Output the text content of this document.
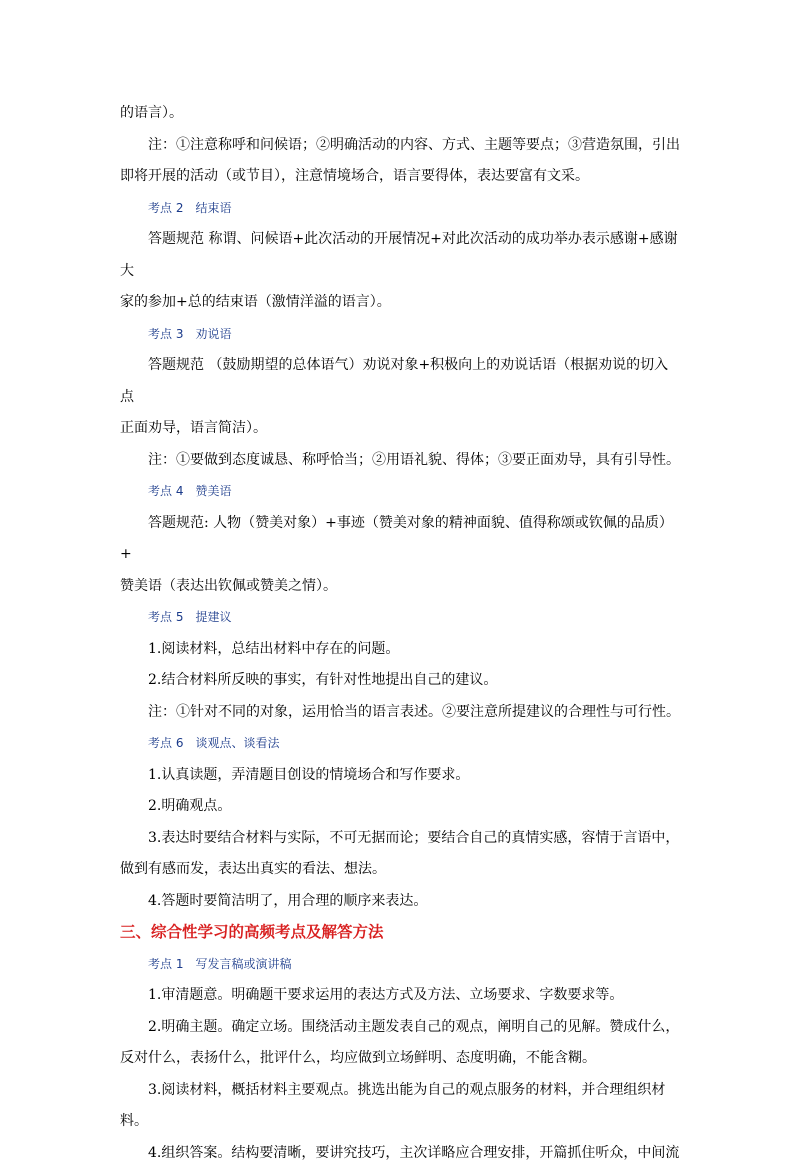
的语言）。

注：①注意称呼和问候语；②明确活动的内容、方式、主题等要点；③营造氛围，引出

即将开展的活动（或节目），注意情境场合，语言要得体，表达要富有文采。

考点 2 结束语

答题规范 称谓、问候语+此次活动的开展情况+对此次活动的成功举办表示感谢+感谢大

家的参加+总的结束语（激情洋溢的语言）。

考点 3 劝说语

答题规范 （鼓励期望的总体语气）劝说对象+积极向上的劝说话语（根据劝说的切入点

正面劝导，语言简洁）。

注：①要做到态度诚恳、称呼恰当；②用语礼貌、得体；③要正面劝导，具有引导性。

考点 4 赞美语

答题规范: 人物（赞美对象）+事迹（赞美对象的精神面貌、值得称颂或钦佩的品质）+

赞美语（表达出钦佩或赞美之情）。

考点 5 提建议

1.阅读材料，总结出材料中存在的问题。

2.结合材料所反映的事实，有针对性地提出自己的建议。

注：①针对不同的对象，运用恰当的语言表述。②要注意所提建议的合理性与可行性。

考点 6 谈观点、谈看法

1.认真读题，弄清题目创设的情境场合和写作要求。

2.明确观点。

3.表达时要结合材料与实际，不可无据而论；要结合自己的真情实感，容情于言语中，

做到有感而发，表达出真实的看法、想法。

4.答题时要简洁明了，用合理的顺序来表达。

三、综合性学习的高频考点及解答方法

考点 1 写发言稿或演讲稿

1.审清题意。明确题干要求运用的表达方式及方法、立场要求、字数要求等。

2.明确主题。确定立场。围绕活动主题发表自己的观点，阐明自己的见解。赞成什么，

反对什么，表扬什么，批评什么，均应做到立场鲜明、态度明确，不能含糊。

3.阅读材料，概括材料主要观点。挑选出能为自己的观点服务的材料，并合理组织材料。

4.组织答案。结构要清晰，要讲究技巧，主次详略应合理安排，开篇抓住听众，中间流
